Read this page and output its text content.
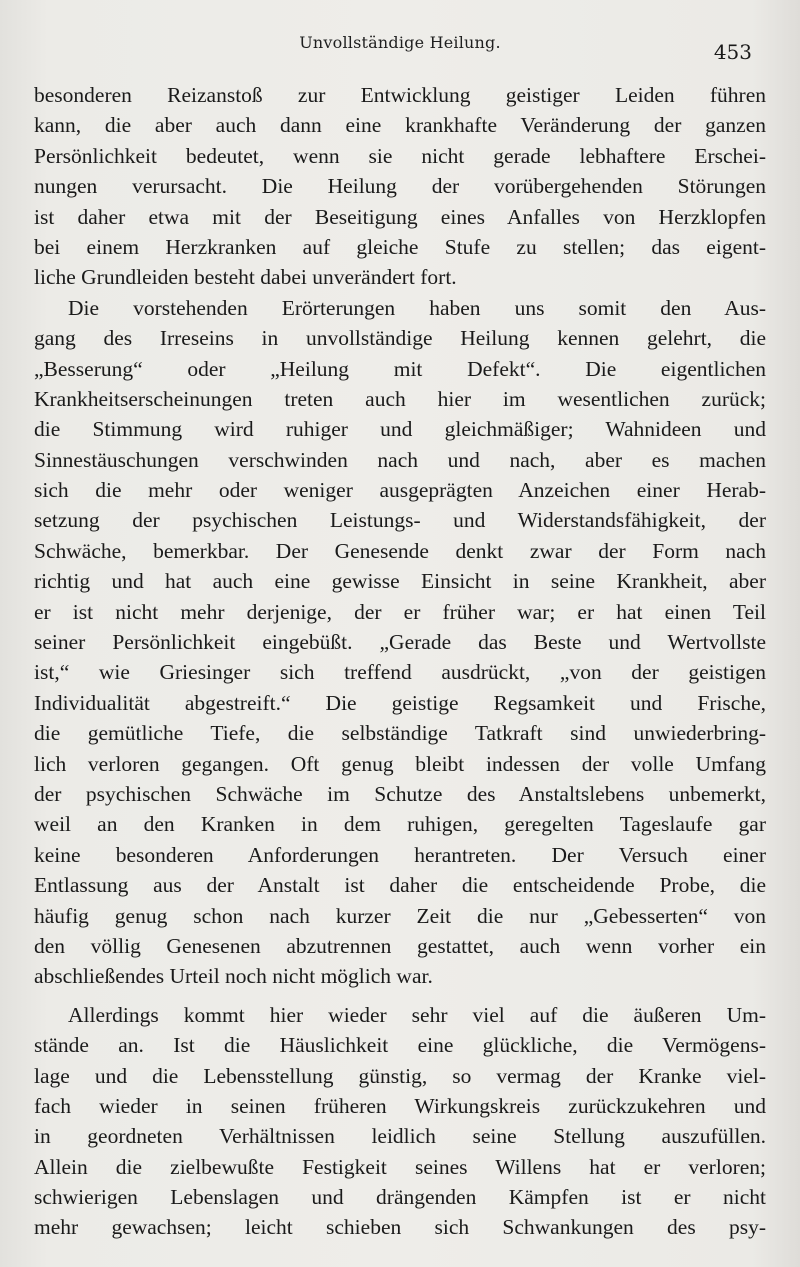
Unvollständige Heilung.	453
besonderen Reizanstoß zur Entwicklung geistiger Leiden führen
kann, die aber auch dann eine krankhafte Veränderung der ganzen
Persönlichkeit bedeutet, wenn sie nicht gerade lebhaftere Erschei-
nungen verursacht. Die Heilung der vorübergehenden Störungen
ist daher etwa mit der Beseitigung eines Anfalles von Herzklopfen
bei einem Herzkranken auf gleiche Stufe zu stellen; das eigent-
liche Grundleiden besteht dabei unverändert fort.
Die vorstehenden Erörterungen haben uns somit den Aus-
gang des Irreseins in unvollständige Heilung kennen gelehrt, die
„Besserung“ oder „Heilung mit Defekt“. Die eigentlichen
Krankheitserscheinungen treten auch hier im wesentlichen zurück;
die Stimmung wird ruhiger und gleichmäßiger; Wahnideen und
Sinnestäuschungen verschwinden nach und nach, aber es machen
sich die mehr oder weniger ausgeprägten Anzeichen einer Herab-
setzung der psychischen Leistungs- und Widerstandsfähigkeit, der
Schwäche, bemerkbar. Der Genesende denkt zwar der Form nach
richtig und hat auch eine gewisse Einsicht in seine Krankheit, aber
er ist nicht mehr derjenige, der er früher war; er hat einen Teil
seiner Persönlichkeit eingebüßt. „Gerade das Beste und Wertvollste
ist,“ wie Griesinger sich treffend ausdrückt, „von der geistigen
Individualität abgestreift.“ Die geistige Regsamkeit und Frische,
die gemütliche Tiefe, die selbständige Tatkraft sind unwiederbring-
lich verloren gegangen. Oft genug bleibt indessen der volle Umfang
der psychischen Schwäche im Schutze des Anstaltslebens unbemerkt,
weil an den Kranken in dem ruhigen, geregelten Tageslaufe gar
keine besonderen Anforderungen herantreten. Der Versuch einer
Entlassung aus der Anstalt ist daher die entscheidende Probe, die
häufig genug schon nach kurzer Zeit die nur „Gebesserten“ von
den völlig Genesenen abzutrennen gestattet, auch wenn vorher ein
abschließendes Urteil noch nicht möglich war.
Allerdings kommt hier wieder sehr viel auf die äußeren Um-
stände an. Ist die Häuslichkeit eine glückliche, die Vermögens-
lage und die Lebensstellung günstig, so vermag der Kranke viel-
fach wieder in seinen früheren Wirkungskreis zurückzukehren und
in geordneten Verhältnissen leidlich seine Stellung auszufüllen.
Allein die zielbewußte Festigkeit seines Willens hat er verloren;
schwierigen Lebenslagen und drängenden Kämpfen ist er nicht
mehr gewachsen; leicht schieben sich Schwankungen des psy-
